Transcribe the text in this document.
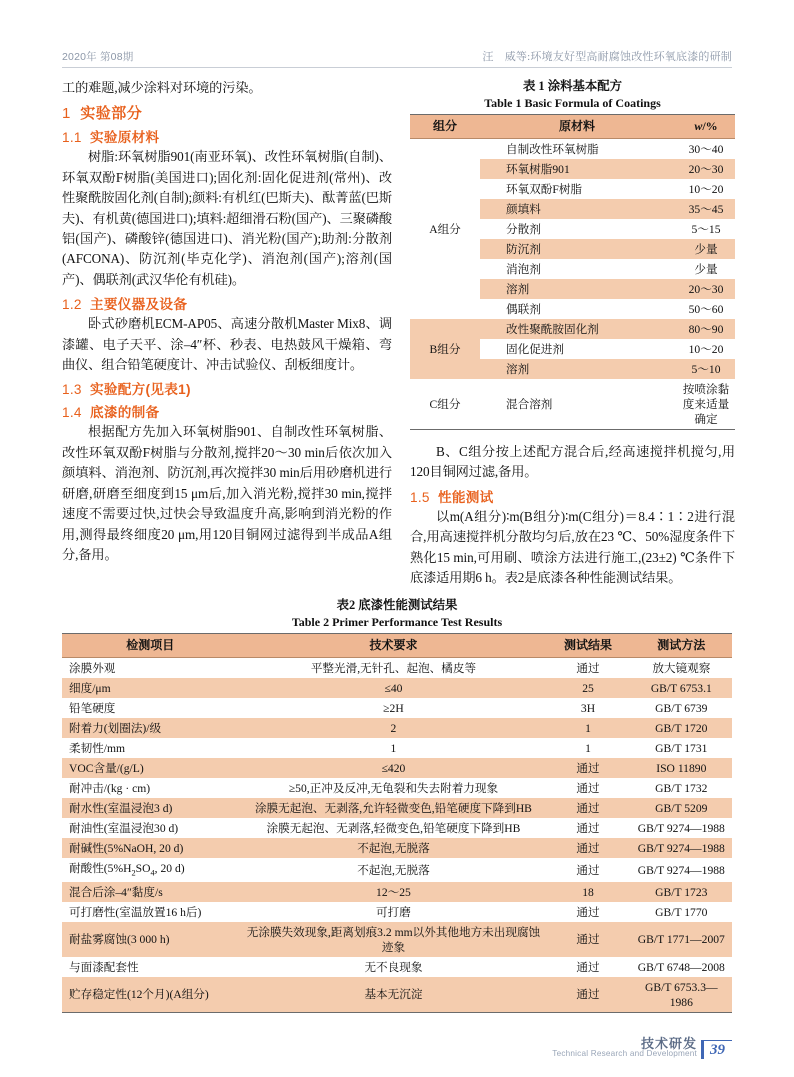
2020年 第08期	汪　威等:环境友好型高耐腐蚀改性环氧底漆的研制

工的难题,减少涂料对环境的污染。

1 实验部分
1.1 实验原材料

树脂:环氧树脂901(南亚环氧)、改性环氧树脂(自制)、环氧双酚F树脂(美国进口);固化剂:固化促进剂(常州)、改性聚酰胺固化剂(自制);颜料:有机红(巴斯夫)、酞菁蓝(巴斯夫)、有机黄(德国进口);填料:超细滑石粉(国产)、三聚磷酸铝(国产)、磷酸锌(德国进口)、消光粉(国产);助剂:分散剂(AFCONA)、防沉剂(毕克化学)、消泡剂(国产);溶剂(国产)、偶联剂(武汉华伦有机硅)。

1.2 主要仪器及设备

卧式砂磨机ECM-AP05、高速分散机Master Mix8、调漆罐、电子天平、涂–4″杯、秒表、电热鼓风干燥箱、弯曲仪、组合铅笔硬度计、冲击试验仪、刮板细度计。

1.3 实验配方(见表1)
1.4 底漆的制备

根据配方先加入环氧树脂901、自制改性环氧树脂、改性环氧双酚F树脂与分散剂,搅拌20～30 min后依次加入颜填料、消泡剂、防沉剂,再次搅拌30 min后用砂磨机进行研磨,研磨至细度到15 μm后,加入消光粉,搅拌30 min,搅拌速度不需要过快,过快会导致温度升高,影响到消光粉的作用,测得最终细度20 μm,用120目铜网过滤得到半成品A组分,备用。

表 1 涂料基本配方
Table 1 Basic Formula of Coatings
组分	原材料	w/%
A组分	自制改性环氧树脂	30～40
	环氧树脂901	20～30
	环氧双酚F树脂	10～20
	颜填料	35～45
	分散剂	5～15
	防沉剂	少量
	消泡剂	少量
	溶剂	20～30
	偶联剂	50～60
B组分	改性聚酰胺固化剂	80～90
	固化促进剂	10～20
	溶剂	5～10
C组分	混合溶剂	按喷涂黏度来适量确定

B、C组分按上述配方混合后,经高速搅拌机搅匀,用120目铜网过滤,备用。

1.5 性能测试

以m(A组分)∶m(B组分)∶m(C组分)＝8.4∶1∶2进行混合,用高速搅拌机分散均匀后,放在23 ℃、50%湿度条件下熟化15 min,可用刷、喷涂方法进行施工,(23±2) ℃条件下底漆适用期6 h。表2是底漆各种性能测试结果。

表2 底漆性能测试结果
Table 2 Primer Performance Test Results
检测项目	技术要求	测试结果	测试方法
涂膜外观	平整光滑,无针孔、起泡、橘皮等	通过	放大镜观察
细度/μm	≤40	25	GB/T 6753.1
铅笔硬度	≥2H	3H	GB/T 6739
附着力(划圈法)/级	2	1	GB/T 1720
柔韧性/mm	1	1	GB/T 1731
VOC含量/(g/L)	≤420	通过	ISO 11890
耐冲击/(kg · cm)	≥50,正冲及反冲,无龟裂和失去附着力现象	通过	GB/T 1732
耐水性(室温浸泡3 d)	涂膜无起泡、无剥落,允许轻微变色,铅笔硬度下降到HB	通过	GB/T 5209
耐油性(室温浸泡30 d)	涂膜无起泡、无剥落,轻微变色,铅笔硬度下降到HB	通过	GB/T 9274—1988
耐碱性(5%NaOH, 20 d)	不起泡,无脱落	通过	GB/T 9274—1988
耐酸性($5\%H_2SO_4$, 20 d)	不起泡,无脱落	通过	GB/T 9274—1988
混合后涂–4″黏度/s	12～25	18	GB/T 1723
可打磨性(室温放置16 h后)	可打磨	通过	GB/T 1770
耐盐雾腐蚀(3 000 h)	无涂膜失效现象,距离划痕3.2 mm以外其他地方未出现腐蚀迹象	通过	GB/T 1771—2007
与面漆配套性	无不良现象	通过	GB/T 6748—2008
贮存稳定性(12个月)(A组分)	基本无沉淀	通过	GB/T 6753.3—1986
技术研发
Technical Research and Development 39
